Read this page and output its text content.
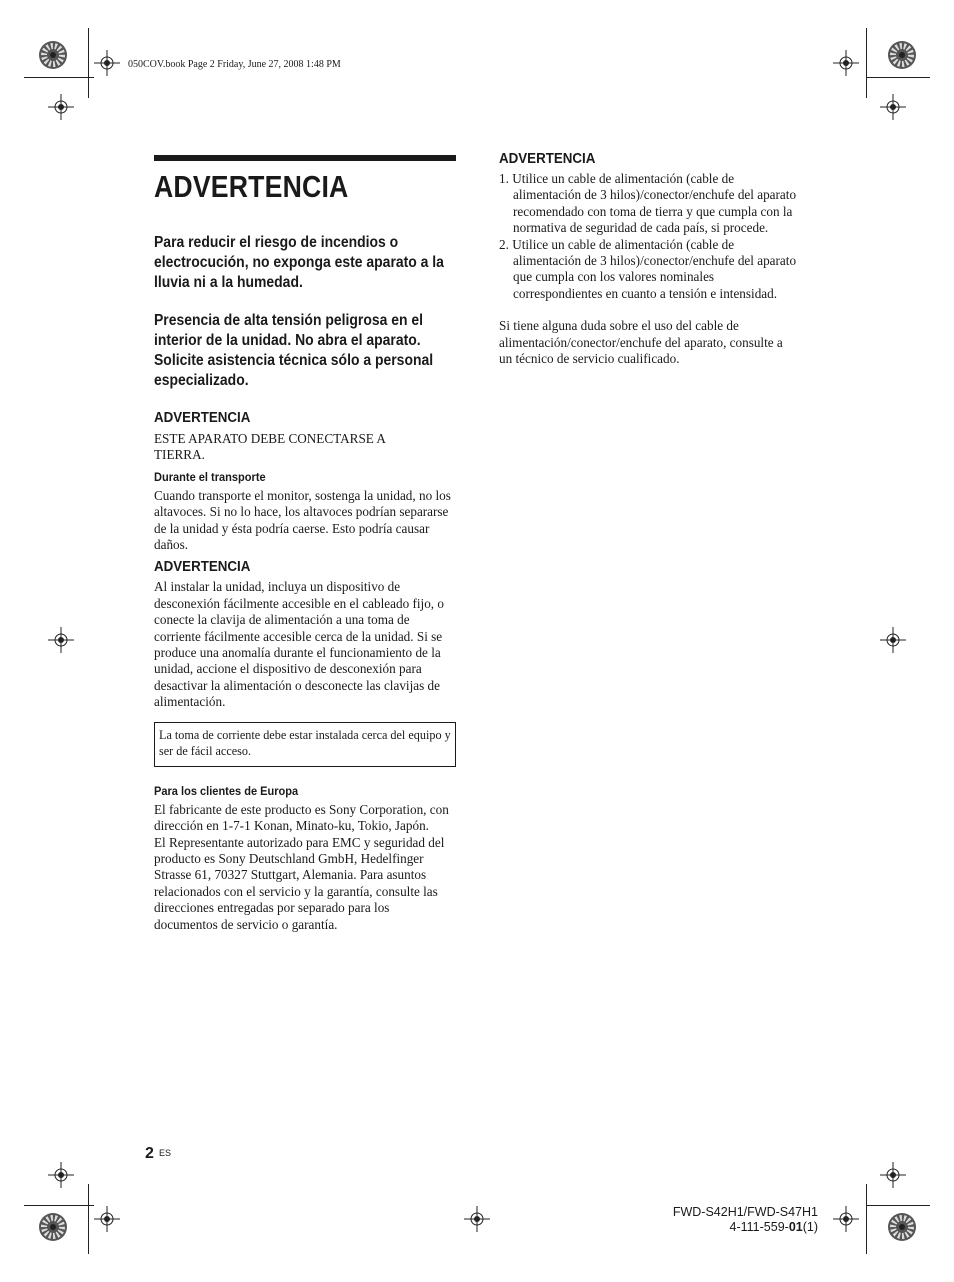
050COV.book Page 2 Friday, June 27, 2008 1:48 PM
ADVERTENCIA

Para reducir el riesgo de incendios o electrocución, no exponga este aparato a la lluvia ni a la humedad.

Presencia de alta tensión peligrosa en el interior de la unidad. No abra el aparato. Solicite asistencia técnica sólo a personal especializado.

ADVERTENCIA

ESTE APARATO DEBE CONECTARSE A TIERRA.

Durante el transporte

Cuando transporte el monitor, sostenga la unidad, no los altavoces. Si no lo hace, los altavoces podrían separarse de la unidad y ésta podría caerse. Esto podría causar daños.

ADVERTENCIA

Al instalar la unidad, incluya un dispositivo de desconexión fácilmente accesible en el cableado fijo, o conecte la clavija de alimentación a una toma de corriente fácilmente accesible cerca de la unidad. Si se produce una anomalía durante el funcionamiento de la unidad, accione el dispositivo de desconexión para desactivar la alimentación o desconecte las clavijas de alimentación.

La toma de corriente debe estar instalada cerca del equipo y ser de fácil acceso.

Para los clientes de Europa

El fabricante de este producto es Sony Corporation, con dirección en 1-7-1 Konan, Minato-ku, Tokio, Japón.

El Representante autorizado para EMC y seguridad del producto es Sony Deutschland GmbH, Hedelfinger Strasse 61, 70327 Stuttgart, Alemania. Para asuntos relacionados con el servicio y la garantía, consulte las direcciones entregadas por separado para los documentos de servicio o garantía.

ADVERTENCIA

1. Utilice un cable de alimentación (cable de alimentación de 3 hilos)/conector/enchufe del aparato recomendado con toma de tierra y que cumpla con la normativa de seguridad de cada país, si procede.

2. Utilice un cable de alimentación (cable de alimentación de 3 hilos)/conector/enchufe del aparato que cumpla con los valores nominales correspondientes en cuanto a tensión e intensidad.

Si tiene alguna duda sobre el uso del cable de alimentación/conector/enchufe del aparato, consulte a un técnico de servicio cualificado.

2 ES
FWD-S42H1/FWD-S47H1
4-111-559-01(1)
